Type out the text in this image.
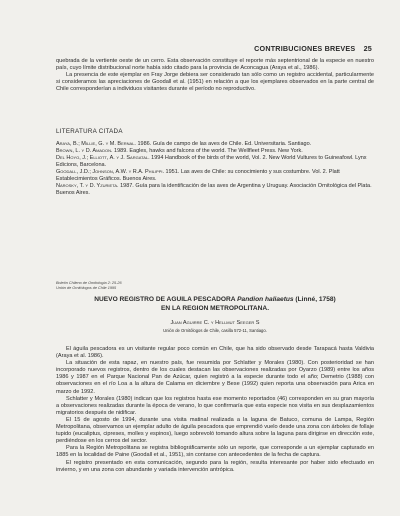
CONTRIBUCIONES BREVES 25

quebrada de la vertiente oeste de un cerro. Esta observación constituye el reporte más septentrional de la especie en nuestro país, cuyo límite distribucional norte había sido citado para la provincia de Aconcagua (Araya et al., 1986).

La presencia de este ejemplar en Fray Jorge debiera ser considerado tan sólo como un registro accidental, particularmente si consideramos las apreciaciones de Goodall et al. (1951) en relación a que los ejemplares observados en la parte central de Chile corresponderían a individuos visitantes durante el período no reproductivo.

LITERATURA CITADA

Araya, B.; Millie, G. y M. Bernal. 1986. Guía de campo de las aves de Chile. Ed. Universitaria. Santiago.

Brown, L. y D. Amadon. 1989. Eagles, hawks and falcons of the world. The Wellfleet Press. New York.

Del Hoyo, J.; Elliott, A. y J. Sargatal. 1994 Handbook of the birds of the world, Vol. 2. New World Vultures to Guineafowl. Lynx Edicions, Barcelona.

Goodall, J.D.; Johnson, A.W. y R.A. Philippi. 1951. Las aves de Chile: su conocimiento y sus costumbre. Vol. 2. Platt Establecimientos Gráficos. Buenos Aires.

Narosky, T. y D. Yzurieta. 1987. Guía para la identificación de las aves de Argentina y Uruguay. Asociación Ornitológica del Plata. Buenos Aires.

Boletín Chileno de Ornitología 2: 25-26
Unión de Ornitólogos de Chile 1995
NUEVO REGISTRO DE AGUILA PESCADORA Pandion haliaetus (Linné, 1758)
EN LA REGION METROPOLITANA.
Juan Aguirre C. y Hellmut Seeger S
Unión de Ornitólogos de Chile, casilla 572-11, Santiago.

El águila pescadora es un visitante regular poco común en Chile, que ha sido observado desde Tarapacá hasta Valdivia (Araya et al. 1986).

La situación de esta rapaz, en nuestro país, fue resumida por Schlatter y Morales (1980). Con posterioridad se han incorporado nuevos registros, dentro de los cuales destacan las observaciones realizadas por Oyarzo (1989) entre los años 1986 y 1987 en el Parque Nacional Pan de Azúcar, quien registró a la especie durante todo el año; Demetrio (1988) con observaciones en el río Loa a la altura de Calama en diciembre y Bese (1992) quien reporta una observación para Arica en marzo de 1992.

Schlatter y Morales (1980) indican que los registros hasta ese momento reportados (46) corresponden en su gran mayoría a observaciones realizadas durante la época de verano, lo que confirmaría que esta especie nos visita en sus desplazamientos migratorios después de nidificar.

El 15 de agosto de 1994, durante una visita matinal realizada a la laguna de Batuco, comuna de Lampa, Región Metropolitana, observamos un ejemplar adulto de águila pescadora que emprendió vuelo desde una zona con árboles de follaje tupido (eucaliptus, cipreses, molles y espinos), luego sobrevoló tomando altura sobre la laguna para dirigirse en dirección este, perdiéndose en los cerros del sector.

Para la Región Metropolitana se registra bibliográficamente sólo un reporte, que corresponde a un ejemplar capturado en 1885 en la localidad de Paine (Goodall et al., 1951), sin contarse con antecedentes de la fecha de captura.

El registro presentado en esta comunicación, segundo para la región, resulta interesante por haber sido efectuado en invierno, y en una zona con abundante y variada intervención antrópica.
